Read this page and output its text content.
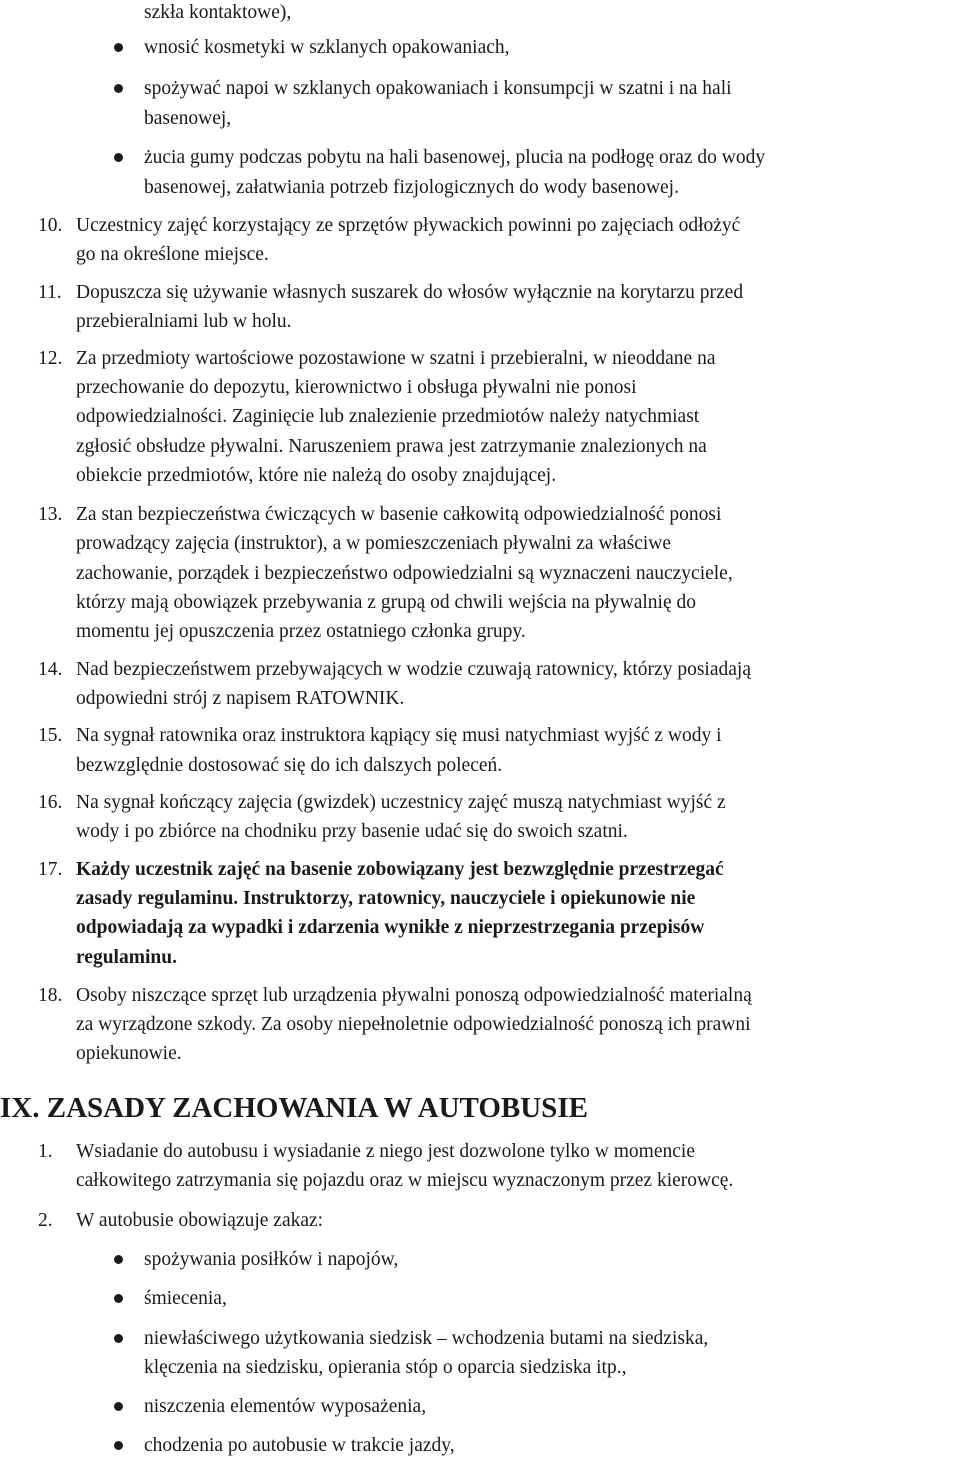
szkła kontaktowe),
wnosić kosmetyki w szklanych opakowaniach,
spożywać napoi w szklanych opakowaniach i konsumpcji w szatni i na hali
basenowej,
żucia gumy podczas pobytu na hali basenowej, plucia na podłogę oraz do wody
basenowej, załatwiania potrzeb fizjologicznych do wody basenowej.
10. Uczestnicy zajęć korzystający ze sprzętów pływackich powinni po zajęciach odłożyć
go na określone miejsce.
11. Dopuszcza się używanie własnych suszarek do włosów wyłącznie na korytarzu przed
przebieralniami lub w holu.
12. Za przedmioty wartościowe pozostawione w szatni i przebieralni, w nieoddane na
przechowanie do depozytu, kierownictwo i obsługa pływalni nie ponosi
odpowiedzialności. Zaginięcie lub znalezienie przedmiotów należy natychmiast
zgłosić obsłudze pływalni. Naruszeniem prawa jest zatrzymanie znalezionych na
obiekcie przedmiotów, które nie należą do osoby znajdującej.
13. Za stan bezpieczeństwa ćwiczących w basenie całkowitą odpowiedzialność ponosi
prowadzący zajęcia (instruktor), a w pomieszczeniach pływalni za właściwe
zachowanie, porządek i bezpieczeństwo odpowiedzialni są wyznaczeni nauczyciele,
którzy mają obowiązek przebywania z grupą od chwili wejścia na pływalnię do
momentu jej opuszczenia przez ostatniego członka grupy.
14. Nad bezpieczeństwem przebywających w wodzie czuwają ratownicy, którzy posiadają
odpowiedni strój z napisem RATOWNIK.
15. Na sygnał ratownika oraz instruktora kąpiący się musi natychmiast wyjść z wody i
bezwzględnie dostosować się do ich dalszych poleceń.
16. Na sygnał kończący zajęcia (gwizdek) uczestnicy zajęć muszą natychmiast wyjść z
wody i po zbiórce na chodniku przy basenie udać się do swoich szatni.
17. Każdy uczestnik zajęć na basenie zobowiązany jest bezwzględnie przestrzegać
zasady regulaminu. Instruktorzy, ratownicy, nauczyciele i opiekunowie nie
odpowiadają za wypadki i zdarzenia wynikłe z nieprzestrzegania przepisów
regulaminu.
18. Osoby niszczące sprzęt lub urządzenia pływalni ponoszą odpowiedzialność materialną
za wyrządzone szkody. Za osoby niepełnoletnie odpowiedzialność ponoszą ich prawni
opiekunowie.
IX. ZASADY ZACHOWANIA W AUTOBUSIE
1. Wsiadanie do autobusu i wysiadanie z niego jest dozwolone tylko w momencie
całkowitego zatrzymania się pojazdu oraz w miejscu wyznaczonym przez kierowcę.
2. W autobusie obowiązuje zakaz:
spożywania posiłków i napojów,
śmiecenia,
niewłaściwego użytkowania siedzisk – wchodzenia butami na siedziska,
klęczenia na siedzisku, opierania stóp o oparcia siedziska itp.,
niszczenia elementów wyposażenia,
chodzenia po autobusie w trakcie jazdy,
